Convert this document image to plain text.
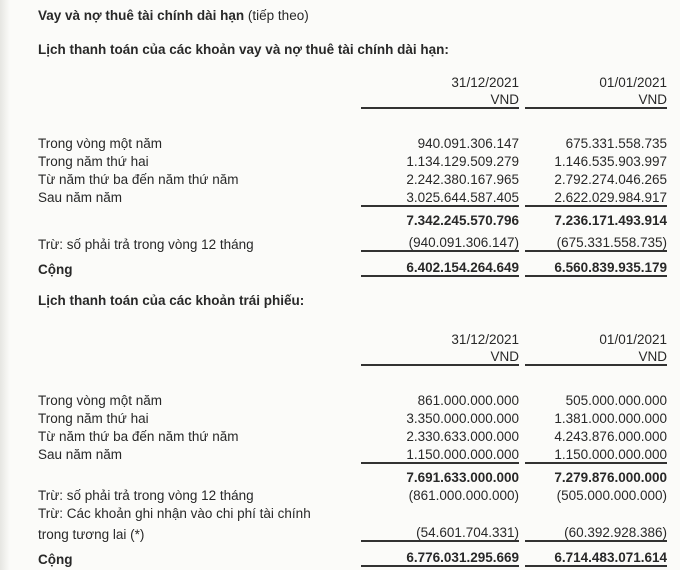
Vay và nợ thuê tài chính dài hạn (tiếp theo)
Lịch thanh toán của các khoản vay và nợ thuê tài chính dài hạn:
	31/12/2021	01/01/2021
	VND	VND

Trong vòng một năm	940.091.306.147	675.331.558.735
Trong năm thứ hai	1.134.129.509.279	1.146.535.903.997
Từ năm thứ ba đến năm thứ năm	2.242.380.167.965	2.792.274.046.265
Sau năm năm	3.025.644.587.405	2.622.029.984.917
	7.342.245.570.796	7.236.171.493.914
Trừ: số phải trả trong vòng 12 tháng	(940.091.306.147)	(675.331.558.735)
Cộng	6.402.154.264.649	6.560.839.935.179
Lịch thanh toán của các khoản trái phiếu:
	31/12/2021	01/01/2021
	VND	VND

Trong vòng một năm	861.000.000.000	505.000.000.000
Trong năm thứ hai	3.350.000.000.000	1.381.000.000.000
Từ năm thứ ba đến năm thứ năm	2.330.633.000.000	4.243.876.000.000
Sau năm năm	1.150.000.000.000	1.150.000.000.000
	7.691.633.000.000	7.279.876.000.000
Trừ: số phải trả trong vòng 12 tháng	(861.000.000.000)	(505.000.000.000)
Trừ: Các khoản ghi nhận vào chi phí tài chính		
trong tương lai (*)	(54.601.704.331)	(60.392.928.386)
Cộng	6.776.031.295.669	6.714.483.071.614
